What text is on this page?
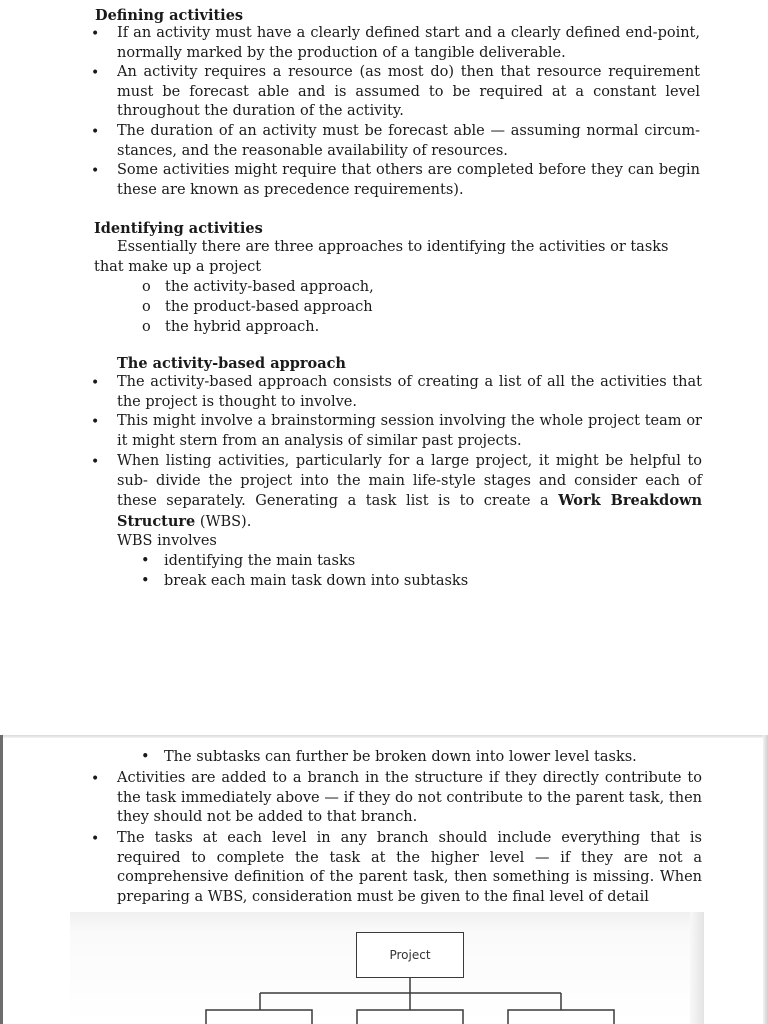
Defining activities
• If an activity must have a clearly defined start and a clearly defined end-point, normally marked by the production of a tangible deliverable.
• An activity requires a resource (as most do) then that resource requirement must be forecast able and is assumed to be required at a constant level throughout the duration of the activity.
• The duration of an activity must be forecast able — assuming normal circum- stances, and the reasonable availability of resources.
• Some activities might require that others are completed before they can begin these are known as precedence requirements).
Identifying activities
Essentially there are three approaches to identifying the activities or tasks that make up a project
o the activity-based approach,
o the product-based approach
o the hybrid approach.
The activity-based approach
• The activity-based approach consists of creating a list of all the activities that the project is thought to involve.
• This might involve a brainstorming session involving the whole project team or it might stern from an analysis of similar past projects.
• When listing activities, particularly for a large project, it might be helpful to sub- divide the project into the main life-style stages and consider each of these separately. Generating a task list is to create a Work Breakdown Structure (WBS).
WBS involves
• identifying the main tasks
• break each main task down into subtasks
• The subtasks can further be broken down into lower level tasks.
• Activities are added to a branch in the structure if they directly contribute to the task immediately above — if they do not contribute to the parent task, then they should not be added to that branch.
• The tasks at each level in any branch should include everything that is required to complete the task at the higher level — if they are not a comprehensive definition of the parent task, then something is missing. When preparing a WBS, consideration must be given to the final level of detail
Project
